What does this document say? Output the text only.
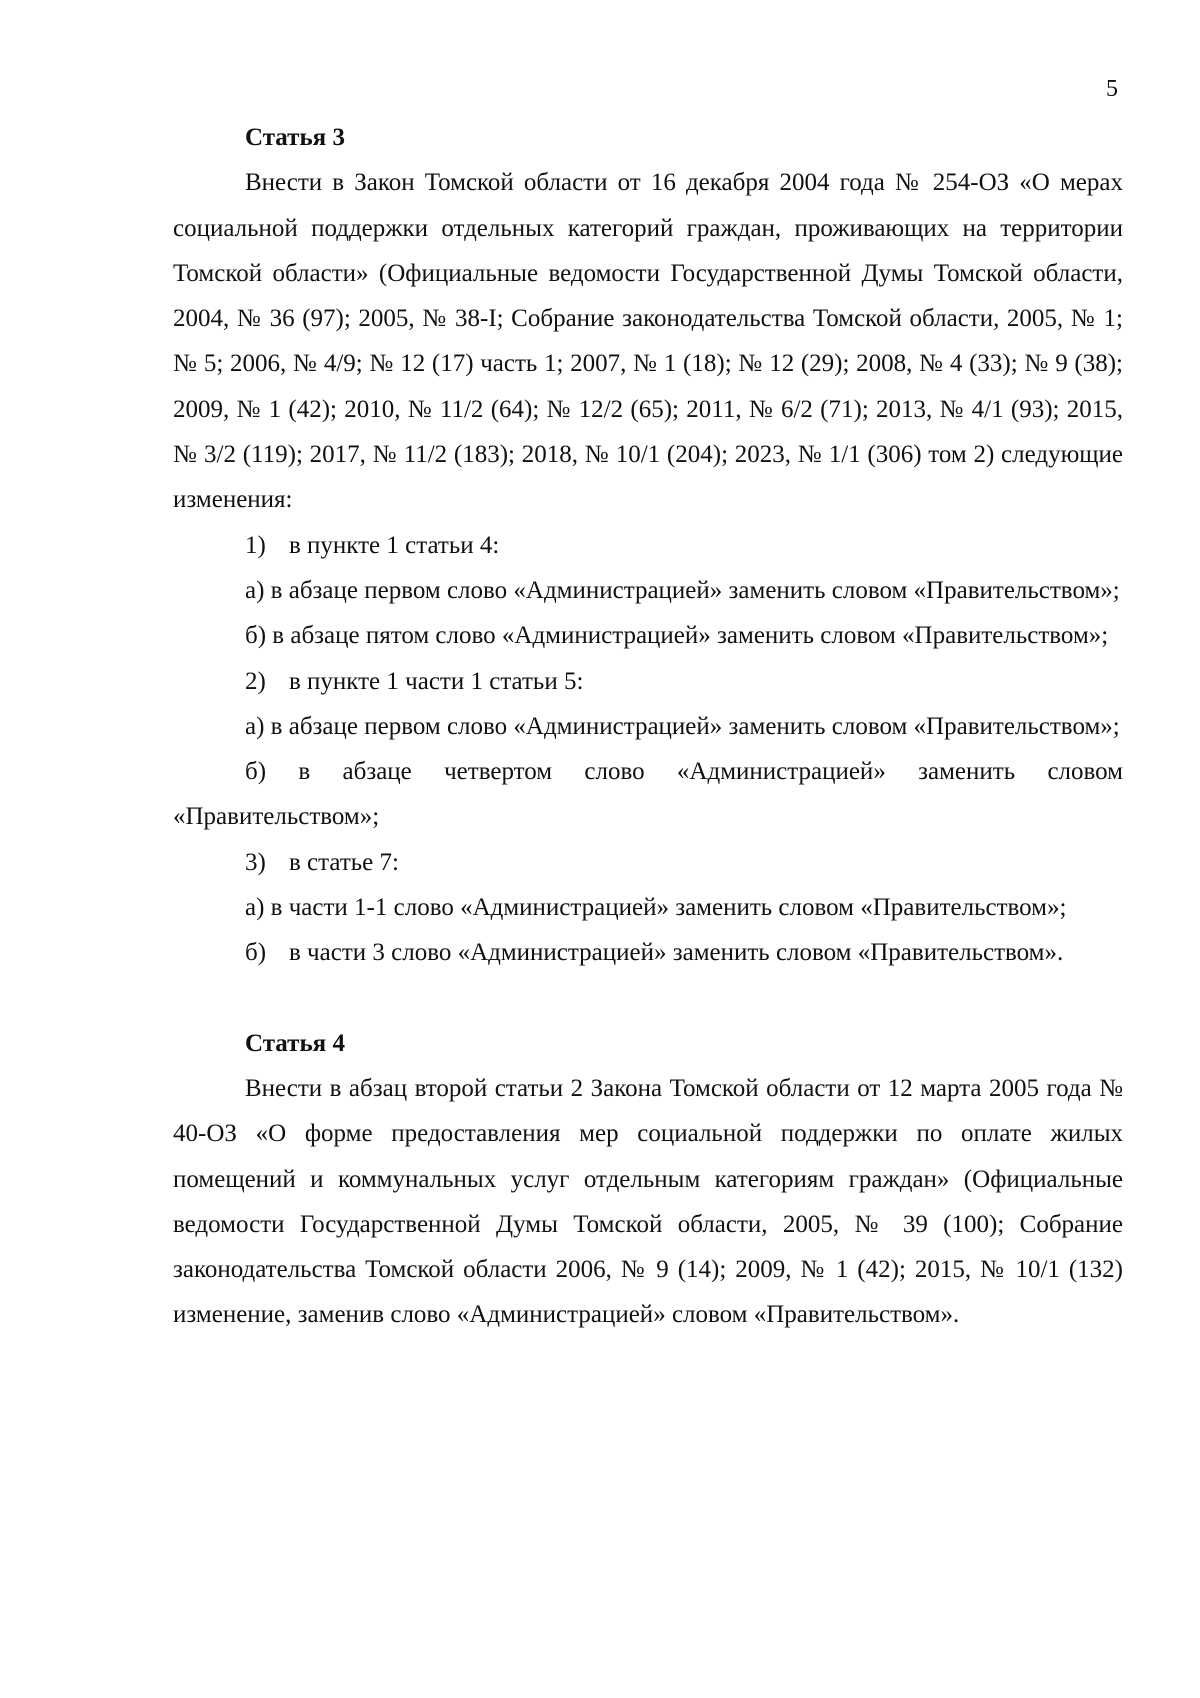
5

Статья 3

Внести в Закон Томской области от 16 декабря 2004 года № 254-ОЗ «О мерах социальной поддержки отдельных категорий граждан, проживающих на территории Томской области» (Официальные ведомости Государственной Думы Томской области, 2004, № 36 (97); 2005, № 38-I; Собрание законодательства Томской области, 2005, № 1; № 5; 2006, № 4/9; № 12 (17) часть 1; 2007, № 1 (18); № 12 (29); 2008, № 4 (33); № 9 (38); 2009, № 1 (42); 2010, № 11/2 (64); № 12/2 (65); 2011, № 6/2 (71); 2013, № 4/1 (93); 2015, № 3/2 (119); 2017, № 11/2 (183); 2018, № 10/1 (204); 2023, № 1/1 (306) том 2) следующие изменения:

1) в пункте 1 статьи 4:

а) в абзаце первом слово «Администрацией» заменить словом «Правительством»;

б) в абзаце пятом слово «Администрацией» заменить словом «Правительством»;

2) в пункте 1 части 1 статьи 5:

а) в абзаце первом слово «Администрацией» заменить словом «Правительством»;

б) в абзаце четвертом слово «Администрацией» заменить словом «Правительством»;

3) в статье 7:

а) в части 1-1 слово «Администрацией» заменить словом «Правительством»;

б) в части 3 слово «Администрацией» заменить словом «Правительством».

Статья 4

Внести в абзац второй статьи 2 Закона Томской области от 12 марта 2005 года № 40-ОЗ «О форме предоставления мер социальной поддержки по оплате жилых помещений и коммунальных услуг отдельным категориям граждан» (Официальные ведомости Государственной Думы Томской области, 2005, № 39 (100); Собрание законодательства Томской области 2006, № 9 (14); 2009, № 1 (42); 2015, № 10/1 (132) изменение, заменив слово «Администрацией» словом «Правительством».
